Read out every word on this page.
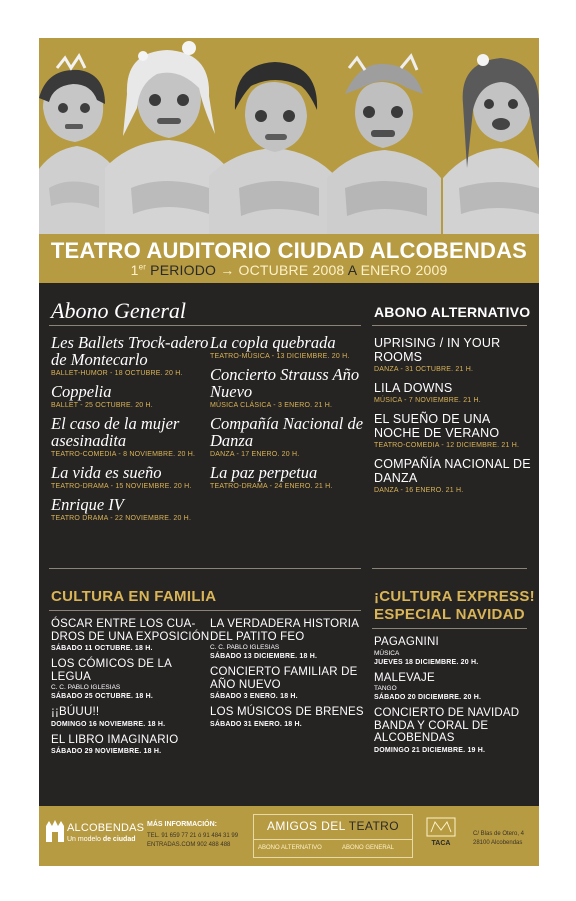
TEATRO AUDITORIO CIUDAD ALCOBENDAS
1er PERIODO → OCTUBRE 2008 A ENERO 2009
Abono General
Les Ballets Trock-adero de Montecarlo
BALLET-HUMOR - 18 OCTUBRE. 20 H.
Coppelia
BALLET - 25 OCTUBRE. 20 H.
El caso de la mujer asesinadita
TEATRO-COMEDIA - 8 NOVIEMBRE. 20 H.
La vida es sueño
TEATRO-DRAMA - 15 NOVIEMBRE. 20 H.
Enrique IV
TEATRO DRAMA - 22 NOVIEMBRE. 20 H.
La copla quebrada
TEATRO-MÚSICA - 13 DICIEMBRE. 20 H.
Concierto Strauss Año Nuevo
MÚSICA CLÁSICA - 3 ENERO. 21 H.
Compañía Nacional de Danza
DANZA - 17 ENERO. 20 H.
La paz perpetua
TEATRO-DRAMA - 24 ENERO. 21 H.
ABONO ALTERNATIVO
UPRISING / IN YOUR ROOMS
DANZA - 31 OCTUBRE. 21 H.
LILA DOWNS
MÚSICA - 7 NOVIEMBRE. 21 H.
EL SUEÑO DE UNA NOCHE DE VERANO
TEATRO-COMEDIA - 12 DICIEMBRE. 21 H.
COMPAÑÍA NACIONAL DE DANZA
DANZA - 16 ENERO. 21 H.
CULTURA EN FAMILIA
ÓSCAR ENTRE LOS CUA-DROS DE UNA EXPOSICIÓN
SÁBADO 11 OCTUBRE. 18 H.
LOS CÓMICOS DE LA LEGUA
C. C. PABLO IGLESIAS
SÁBADO 25 OCTUBRE. 18 H.
¡¡BÚUU!!
DOMINGO 16 NOVIEMBRE. 18 H.
EL LIBRO IMAGINARIO
SÁBADO 29 NOVIEMBRE. 18 H.
LA VERDADERA HISTORIA DEL PATITO FEO
C. C. PABLO IGLESIAS
SÁBADO 13 DICIEMBRE. 18 H.
CONCIERTO FAMILIAR DE AÑO NUEVO
SÁBADO 3 ENERO. 18 H.
LOS MÚSICOS DE BRENES
SÁBADO 31 ENERO. 18 H.
¡CULTURA EXPRESS!
ESPECIAL NAVIDAD
PAGAGNINI
MÚSICA
JUEVES 18 DICIEMBRE. 20 H.
MALEVAJE
TANGO
SÁBADO 20 DICIEMBRE. 20 H.
CONCIERTO DE NAVIDAD BANDA Y CORAL DE ALCOBENDAS
DOMINGO 21 DICIEMBRE. 19 H.
ALCOBENDAS
Un modelo de ciudad
MÁS INFORMACIÓN:
TEL. 91 659 77 21 ó 91 484 31 99
ENTRADAS.COM 902 488 488
AMIGOS DEL TEATRO
ABONO ALTERNATIVO	ABONO GENERAL
TACA
C/ Blas de Otero, 4
28100 Alcobendas
